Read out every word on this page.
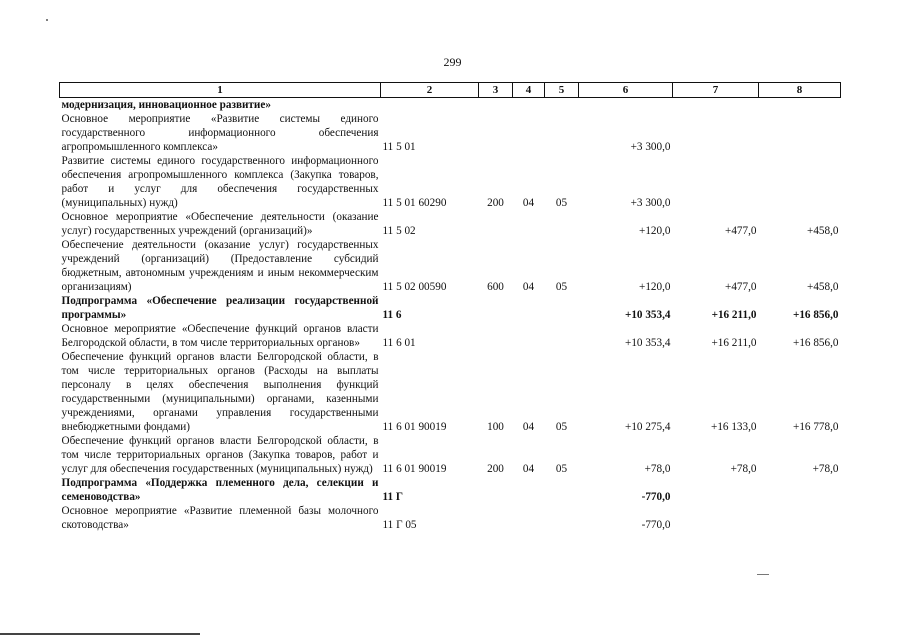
299
1	2	3	4	5	6	7	8
модернизация, инновационное развитие»							
Основное мероприятие «Развитие системы единого государственного информационного обеспечения агропромышленного комплекса»	11 5 01				+3 300,0		
Развитие системы единого государственного информационного обеспечения агропромышленного комплекса (Закупка товаров, работ и услуг для обеспечения государственных (муниципальных) нужд)	11 5 01 60290	200	04	05	+3 300,0		
Основное мероприятие «Обеспечение деятельности (оказание услуг) государственных учреждений (организаций)»	11 5 02				+120,0	+477,0	+458,0
Обеспечение деятельности (оказание услуг) государственных учреждений (организаций) (Предоставление субсидий бюджетным, автономным учреждениям и иным некоммерческим организациям)	11 5 02 00590	600	04	05	+120,0	+477,0	+458,0
Подпрограмма «Обеспечение реализации государственной программы»	11 6				+10 353,4	+16 211,0	+16 856,0
Основное мероприятие «Обеспечение функций органов власти Белгородской области, в том числе территориальных органов»	11 6 01				+10 353,4	+16 211,0	+16 856,0
Обеспечение функций органов власти Белгородской области, в том числе территориальных органов (Расходы на выплаты персоналу в целях обеспечения выполнения функций государственными (муниципальными) органами, казенными учреждениями, органами управления государственными внебюджетными фондами)	11 6 01 90019	100	04	05	+10 275,4	+16 133,0	+16 778,0
Обеспечение функций органов власти Белгородской области, в том числе территориальных органов (Закупка товаров, работ и услуг для обеспечения государственных (муниципальных) нужд)	11 6 01 90019	200	04	05	+78,0	+78,0	+78,0
Подпрограмма «Поддержка племенного дела, селекции и семеноводства»	11 Г				-770,0		
Основное мероприятие «Развитие племенной базы молочного скотоводства»	11 Г 05				-770,0		
